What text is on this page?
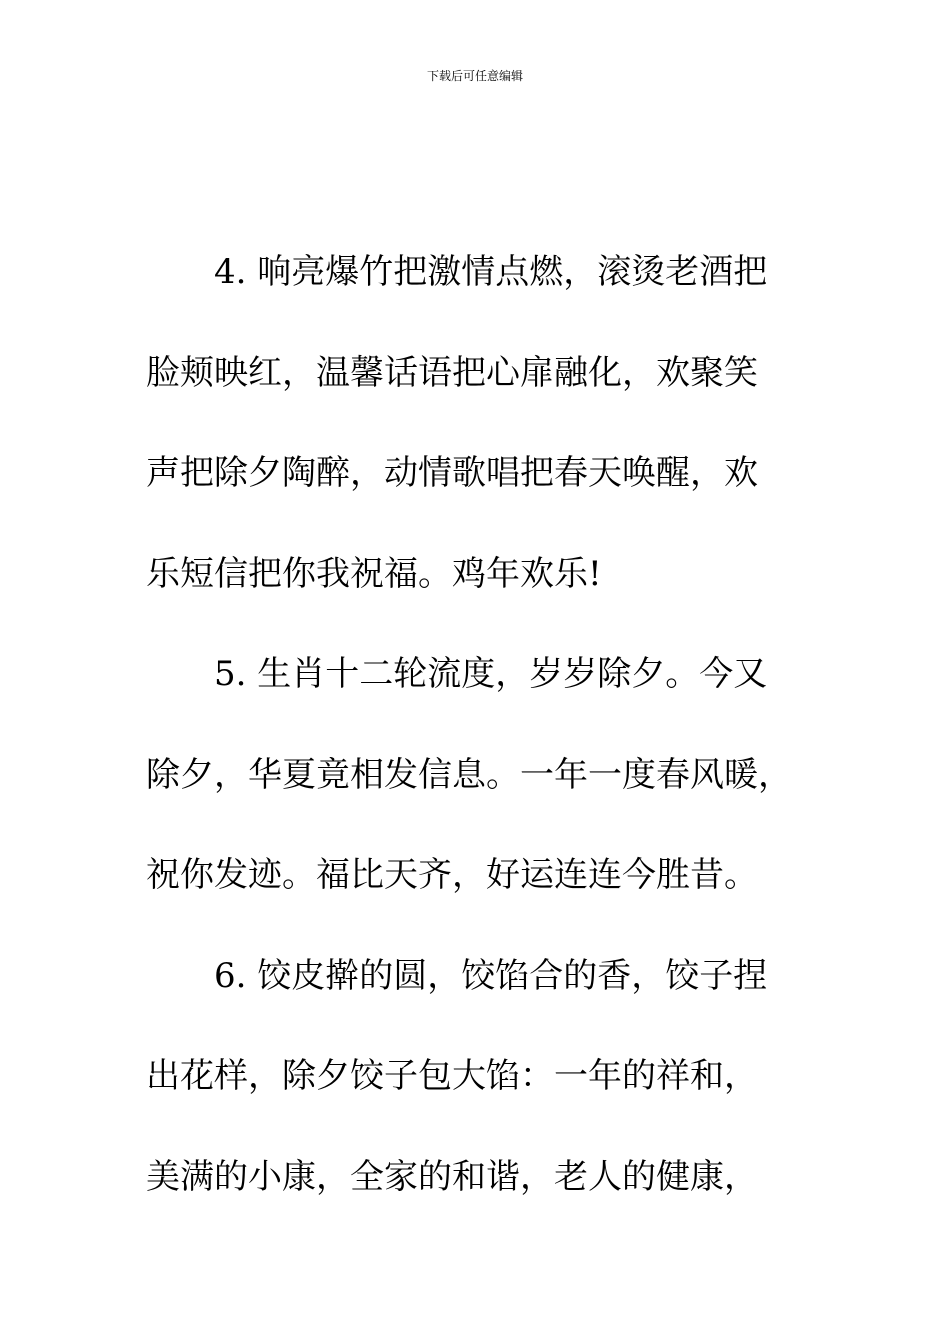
下载后可任意编辑
4. 响亮爆竹把激情点燃，滚烫老酒把
脸颊映红，温馨话语把心扉融化，欢聚笑
声把除夕陶醉，动情歌唱把春天唤醒，欢
乐短信把你我祝福。鸡年欢乐!
5. 生肖十二轮流度，岁岁除夕。今又
除夕，华夏竟相发信息。一年一度春风暖，
祝你发迹。福比天齐，好运连连今胜昔。
6. 饺皮擀的圆，饺馅合的香，饺子捏
出花样，除夕饺子包大馅：一年的祥和，
美满的小康，全家的和谐，老人的健康，
